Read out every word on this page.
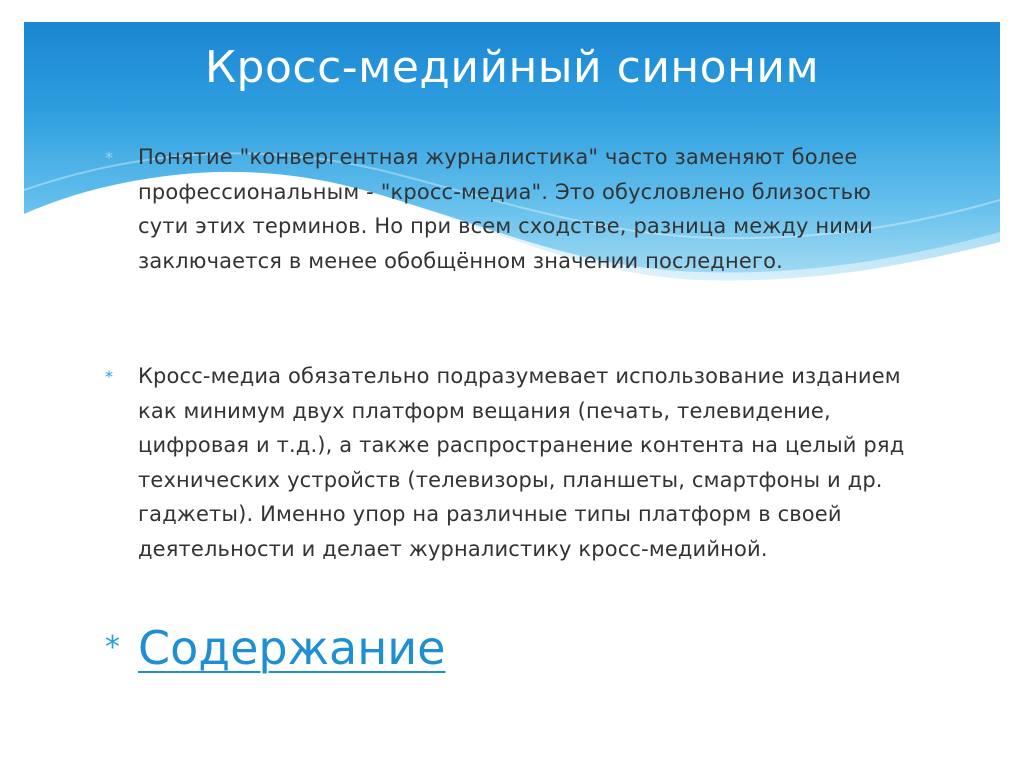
Кросс-медийный синоним
*	Понятие "конвергентная журналистика" часто заменяют более профессиональным - "кросс-медиа". Это обусловлено близостью сути этих терминов. Но при всем сходстве, разница между ними заключается в менее обобщённом значении последнего.

*	Кросс-медиа обязательно подразумевает использование изданием как минимум двух платформ вещания (печать, телевидение, цифровая и т.д.), а также распространение контента на целый ряд технических устройств (телевизоры, планшеты, смартфоны и др. гаджеты). Именно упор на различные типы платформ в своей деятельности и делает журналистику кросс-медийной.

* Содержание
